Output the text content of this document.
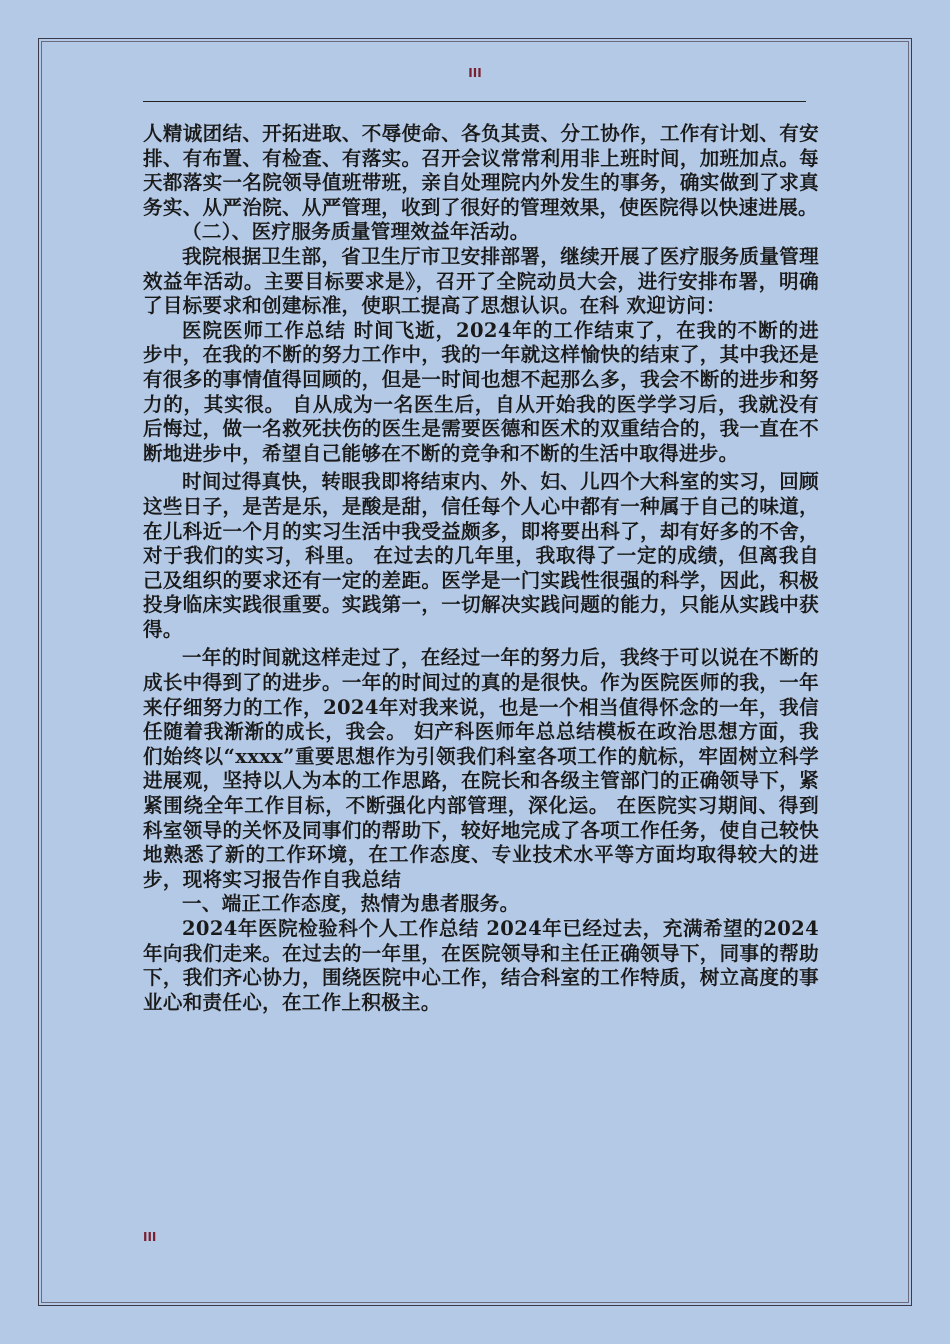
III

人精诚团结、开拓进取、不辱使命、各负其责、分工协作，工作有计划、有安排、有布置、有检查、有落实。召开会议常常利用非上班时间，加班加点。每天都落实一名院领导值班带班，亲自处理院内外发生的事务，确实做到了求真务实、从严治院、从严管理，收到了很好的管理效果，使医院得以快速进展。

（二）、医疗服务质量管理效益年活动。

我院根据卫生部，省卫生厅市卫安排部署，继续开展了医疗服务质量管理效益年活动。主要目标要求是》，召开了全院动员大会，进行安排布署，明确了目标要求和创建标准，使职工提高了思想认识。在科 欢迎访问：

医院医师工作总结 时间飞逝，2024年的工作结束了，在我的不断的进步中，在我的不断的努力工作中，我的一年就这样愉快的结束了，其中我还是有很多的事情值得回顾的，但是一时间也想不起那么多，我会不断的进步和努力的，其实很。 自从成为一名医生后，自从开始我的医学学习后，我就没有后悔过，做一名救死扶伤的医生是需要医德和医术的双重结合的，我一直在不断地进步中，希望自己能够在不断的竞争和不断的生活中取得进步。

时间过得真快，转眼我即将结束内、外、妇、儿四个大科室的实习，回顾这些日子，是苦是乐，是酸是甜，信任每个人心中都有一种属于自己的味道，在儿科近一个月的实习生活中我受益颇多，即将要出科了，却有好多的不舍，对于我们的实习，科里。 在过去的几年里，我取得了一定的成绩，但离我自己及组织的要求还有一定的差距。医学是一门实践性很强的科学，因此，积极投身临床实践很重要。实践第一，一切解决实践问题的能力，只能从实践中获得。

一年的时间就这样走过了，在经过一年的努力后，我终于可以说在不断的成长中得到了的进步。一年的时间过的真的是很快。作为医院医师的我，一年来仔细努力的工作，2024年对我来说，也是一个相当值得怀念的一年，我信任随着我渐渐的成长，我会。 妇产科医师年总总结模板在政治思想方面，我们始终以“xxxx”重要思想作为引领我们科室各项工作的航标，牢固树立科学进展观，坚持以人为本的工作思路，在院长和各级主管部门的正确领导下，紧紧围绕全年工作目标，不断强化内部管理，深化运。 在医院实习期间、得到科室领导的关怀及同事们的帮助下，较好地完成了各项工作任务，使自己较快地熟悉了新的工作环境，在工作态度、专业技术水平等方面均取得较大的进步，现将实习报告作自我总结

一、端正工作态度，热情为患者服务。

2024年医院检验科个人工作总结 2024年已经过去，充满希望的2024年向我们走来。在过去的一年里，在医院领导和主任正确领导下，同事的帮助下，我们齐心协力，围绕医院中心工作，结合科室的工作特质，树立高度的事业心和责任心，在工作上积极主。

III
